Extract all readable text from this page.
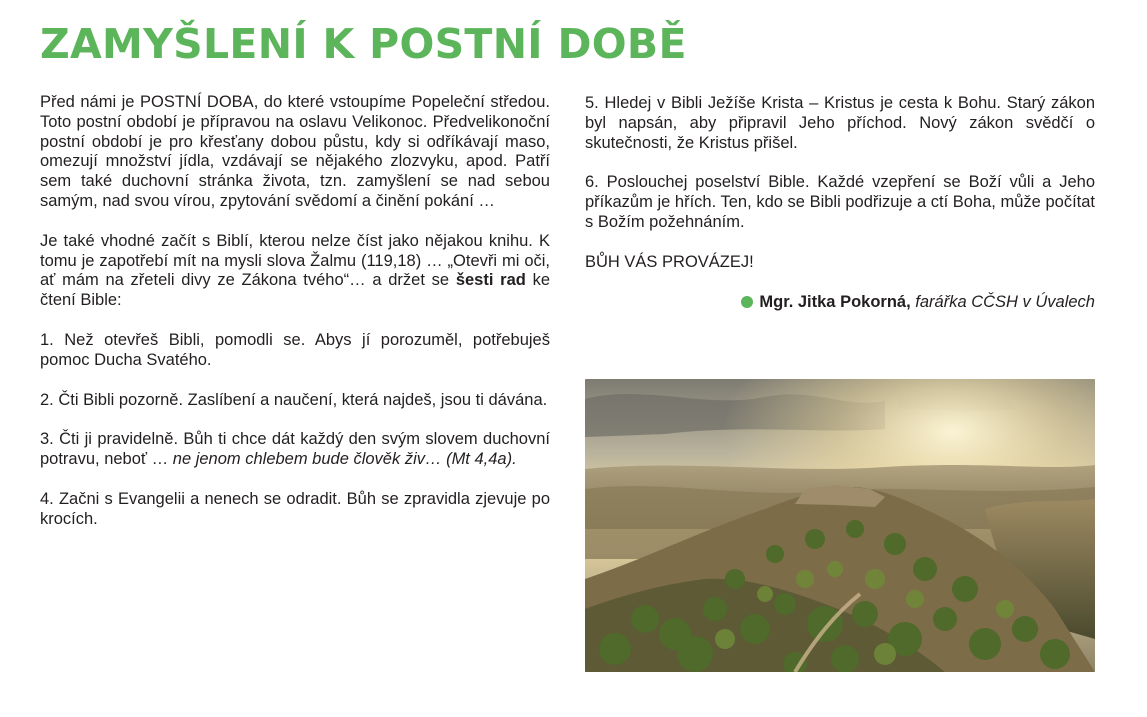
ZAMYŠLENÍ K POSTNÍ DOBĚ

Před námi je POSTNÍ DOBA, do které vstoupíme Popeleční středou. Toto postní období je přípravou na oslavu Velikonoc. Předvelikonoční postní období je pro křesťany dobou půstu, kdy si odříkávají maso, omezují množství jídla, vzdávají se nějakého zlozvyku, apod. Patří sem také duchovní stránka života, tzn. zamyšlení se nad sebou samým, nad svou vírou, zpytování svědomí a činění pokání …

Je také vhodné začít s Biblí, kterou nelze číst jako nějakou knihu. K tomu je zapotřebí mít na mysli slova Žalmu (119,18) … „Otevři mi oči, ať mám na zřeteli divy ze Zákona tvého“… a držet se šesti rad ke čtení Bible:

1. Než otevřeš Bibli, pomodli se. Abys jí porozuměl, potřebuješ pomoc Ducha Svatého.

2. Čti Bibli pozorně. Zaslíbení a naučení, která najdeš, jsou ti dávána.

3. Čti ji pravidelně. Bůh ti chce dát každý den svým slovem duchovní potravu, neboť … ne jenom chlebem bude člověk živ… (Mt 4,4a).

4. Začni s Evangelii a nenech se odradit. Bůh se zpravidla zjevuje po krocích.

5. Hledej v Bibli Ježíše Krista – Kristus je cesta k Bohu. Starý zákon byl napsán, aby připravil Jeho příchod. Nový zákon svědčí o skutečnosti, že Kristus přišel.

6. Poslouchej poselství Bible. Každé vzepření se Boží vůli a Jeho příkazům je hřích. Ten, kdo se Bibli podřizuje a ctí Boha, může počítat s Božím požehnáním.

BŮH VÁS PROVÁZEJ!

Mgr. Jitka Pokorná, farářka CČSH v Úvalech
